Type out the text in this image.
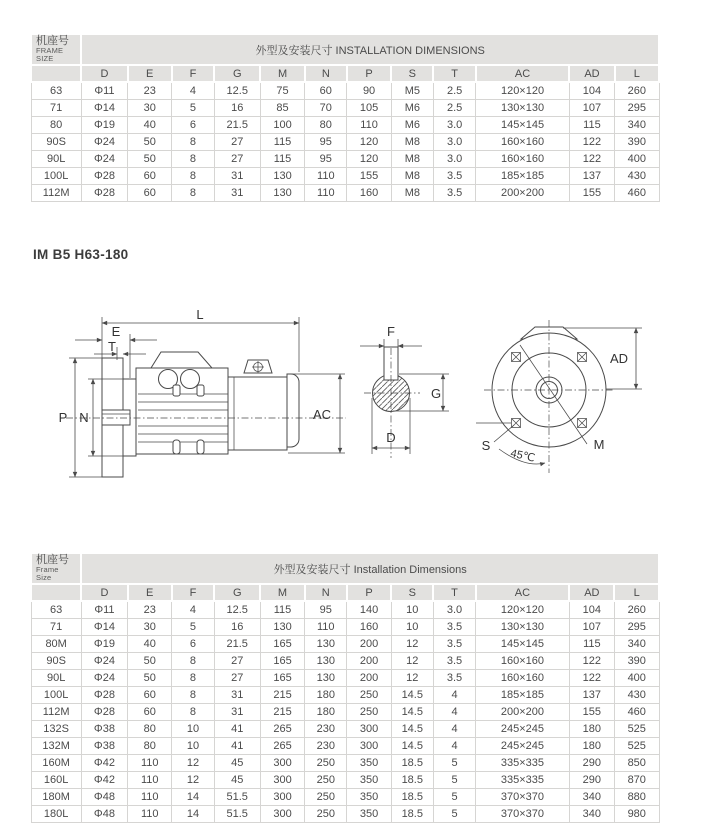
机座号
FRAME SIZE	外型及安装尺寸 INSTALLATION DIMENSIONS											
	D	E	F	G	M	N	P	S	T	AC	AD	L
63	Φ11	23	4	12.5	75	60	90	M5	2.5	120×120	104	260
71	Φ14	30	5	16	85	70	105	M6	2.5	130×130	107	295
80	Φ19	40	6	21.5	100	80	110	M6	3.0	145×145	115	340
90S	Φ24	50	8	27	115	95	120	M8	3.0	160×160	122	390
90L	Φ24	50	8	27	115	95	120	M8	3.0	160×160	122	400
100L	Φ28	60	8	31	130	110	155	M8	3.5	185×185	137	430
112M	Φ28	60	8	31	130	110	160	M8	3.5	200×200	155	460
IM B5 H63-180
L
E
T
P N	AC
F
G
D
AD
M
S
45℃
机座号
Frame Size	外型及安装尺寸 Installation Dimensions											
	D	E	F	G	M	N	P	S	T	AC	AD	L
63	Φ11	23	4	12.5	115	95	140	10	3.0	120×120	104	260
71	Φ14	30	5	16	130	110	160	10	3.5	130×130	107	295
80M	Φ19	40	6	21.5	165	130	200	12	3.5	145×145	115	340
90S	Φ24	50	8	27	165	130	200	12	3.5	160×160	122	390
90L	Φ24	50	8	27	165	130	200	12	3.5	160×160	122	400
100L	Φ28	60	8	31	215	180	250	14.5	4	185×185	137	430
112M	Φ28	60	8	31	215	180	250	14.5	4	200×200	155	460
132S	Φ38	80	10	41	265	230	300	14.5	4	245×245	180	525
132M	Φ38	80	10	41	265	230	300	14.5	4	245×245	180	525
160M	Φ42	110	12	45	300	250	350	18.5	5	335×335	290	850
160L	Φ42	110	12	45	300	250	350	18.5	5	335×335	290	870
180M	Φ48	110	14	51.5	300	250	350	18.5	5	370×370	340	880
180L	Φ48	110	14	51.5	300	250	350	18.5	5	370×370	340	980
